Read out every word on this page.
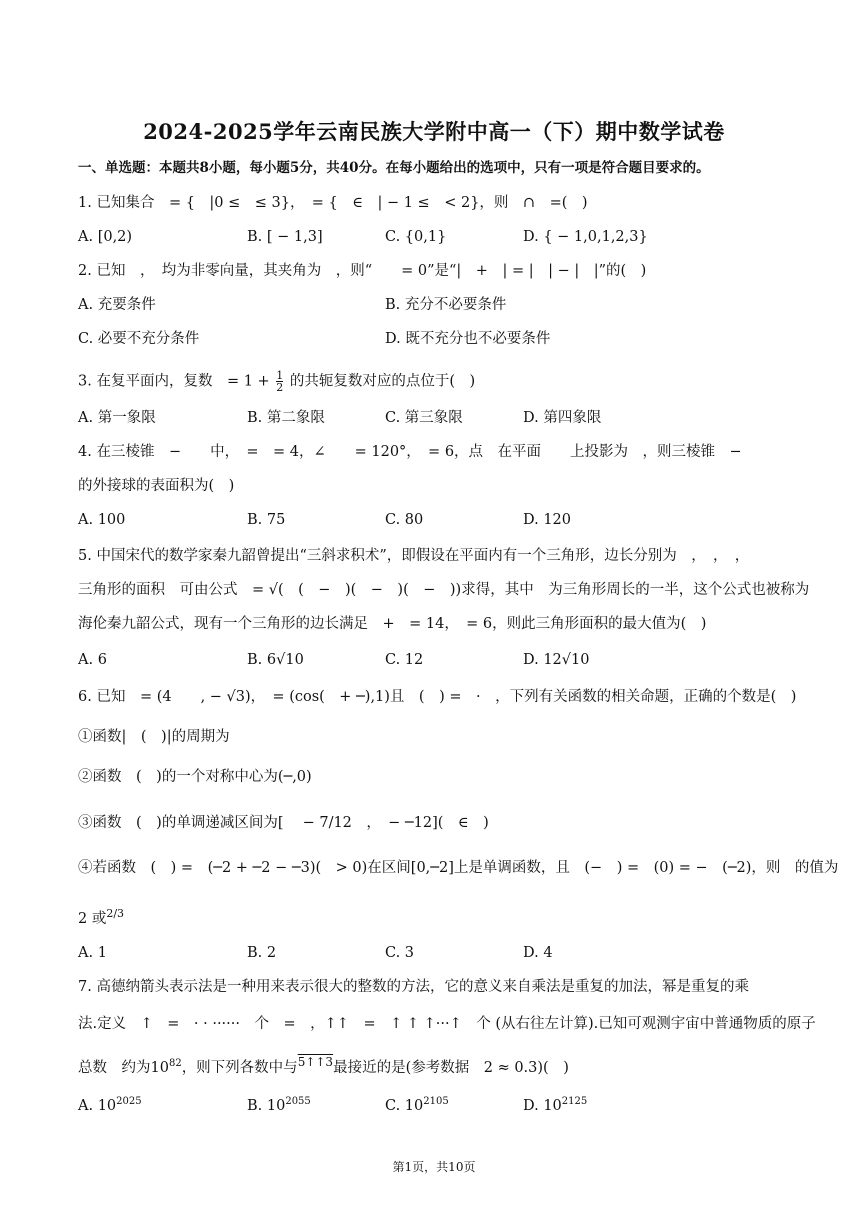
2024-2025学年云南民族大学附中高一（下）期中数学试卷
一、单选题：本题共8小题，每小题5分，共40分。在每小题给出的选项中，只有一项是符合题目要求的。
1. 已知集合　= {　|0 ≤　≤ 3}，　= {　∈　| − 1 ≤　< 2}，则　∩　=(　)
A. [0,2)	B. [ − 1,3]	C. {0,1}	D. { − 1,0,1,2,3}
2. 已知　，　均为非零向量，其夹角为　，则“　　= 0”是“|　+　| = |　| − |　|”的(　)
A. 充要条件	B. 充分不必要条件
C. 必要不充分条件	D. 既不充分也不必要条件
3. 在复平面内，复数　= $1 + \frac{1}{2}$ 的共轭复数对应的点位于(　)
A. 第一象限	B. 第二象限	C. 第三象限	D. 第四象限
4. 在三棱锥　−　　中，　=　= 4，∠　　= 120°，　= 6，点　在平面　　上投影为　，则三棱锥　−
的外接球的表面积为(　)
A. 100	B. 75	C. 80	D. 120
5. 中国宋代的数学家秦九韶曾提出“三斜求积术”，即假设在平面内有一个三角形，边长分别为　，　，　，
三角形的面积　可由公式　= √(　(　−　)(　−　)(　−　))求得，其中　为三角形周长的一半，这个公式也被称为
海伦秦九韶公式，现有一个三角形的边长满足　+　= 14，　= 6，则此三角形面积的最大值为(　)
A. 6	B. 6√10	C. 12	D. 12√10
6. 已知　= (4　　, − √3)，　= (cos(　+ ─),1)且　(　) =　·　，下列有关函数的相关命题，正确的个数是(　)
①函数|　(　)|的周期为
②函数　(　)的一个对称中心为(─,0)
③函数　(　)的单调递减区间为[　 − 7/12　，　− ─12](　∈　)
④若函数　(　) =　(─2 + ─2 − ─3)(　> 0)在区间[0,─2]上是单调函数，且　(−　) =　(0) = −　(─2)，则　的值为
2 或$^{2/3}$
A. 1	B. 2	C. 3	D. 4
7. 高德纳箭头表示法是一种用来表示很大的整数的方法，它的意义来自乘法是重复的加法，幂是重复的乘
法.定义　↑　=　· · ······　个　=　，↑↑　=　↑ ↑ ↑···↑　个 (从右往左计算).已知可观测宇宙中普通物质的原子
总数　约为$10^{82}$，则下列各数中与$^{5↑↑3}$最接近的是(参考数据　2 ≈ 0.3)(　)
A. $10^{2025}$	B. $10^{2055}$	C. $10^{2105}$	D. $10^{2125}$
第1页，共10页
